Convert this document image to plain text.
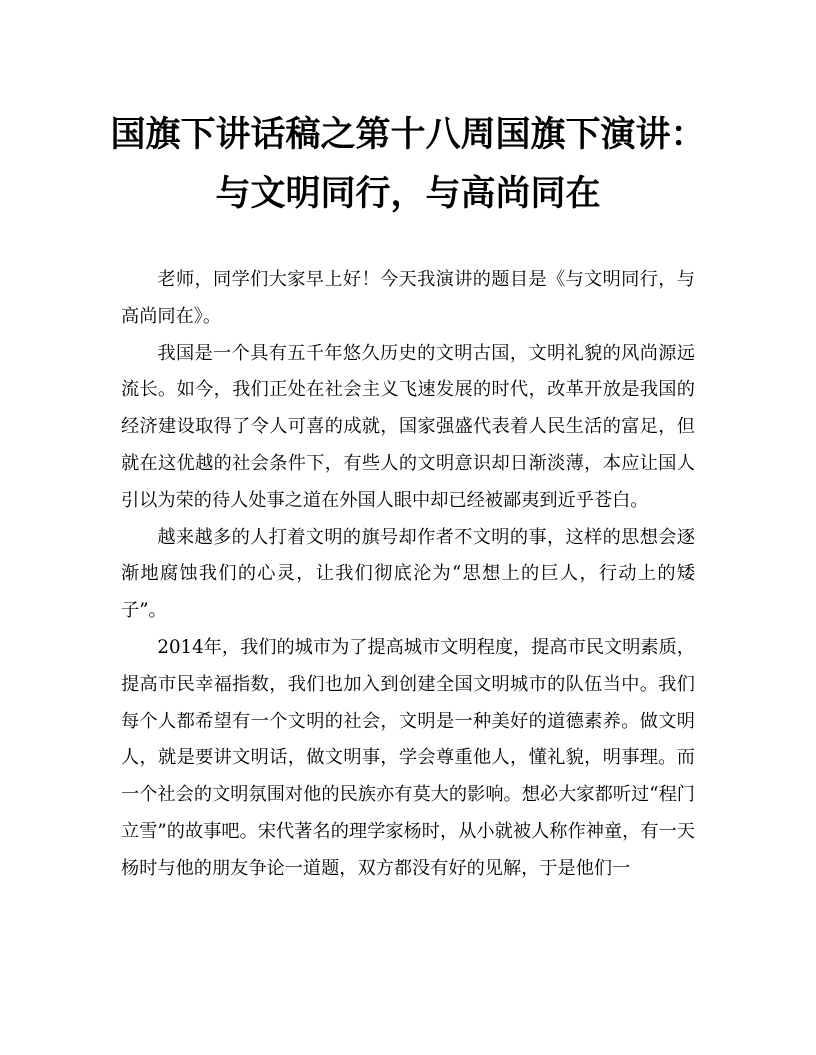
国旗下讲话稿之第十八周国旗下演讲：
与文明同行，与高尚同在

老师，同学们大家早上好！今天我演讲的题目是《与文明同行，与高尚同在》。

我国是一个具有五千年悠久历史的文明古国，文明礼貌的风尚源远流长。如今，我们正处在社会主义飞速发展的时代，改革开放是我国的经济建设取得了令人可喜的成就，国家强盛代表着人民生活的富足，但就在这优越的社会条件下，有些人的文明意识却日渐淡薄，本应让国人引以为荣的待人处事之道在外国人眼中却已经被鄙夷到近乎苍白。

越来越多的人打着文明的旗号却作者不文明的事，这样的思想会逐渐地腐蚀我们的心灵，让我们彻底沦为“思想上的巨人，行动上的矮子”。

2014年，我们的城市为了提高城市文明程度，提高市民文明素质，提高市民幸福指数，我们也加入到创建全国文明城市的队伍当中。我们每个人都希望有一个文明的社会，文明是一种美好的道德素养。做文明人，就是要讲文明话，做文明事，学会尊重他人，懂礼貌，明事理。而一个社会的文明氛围对他的民族亦有莫大的影响。想必大家都听过“程门立雪”的故事吧。宋代著名的理学家杨时，从小就被人称作神童，有一天杨时与他的朋友争论一道题，双方都没有好的见解，于是他们一
